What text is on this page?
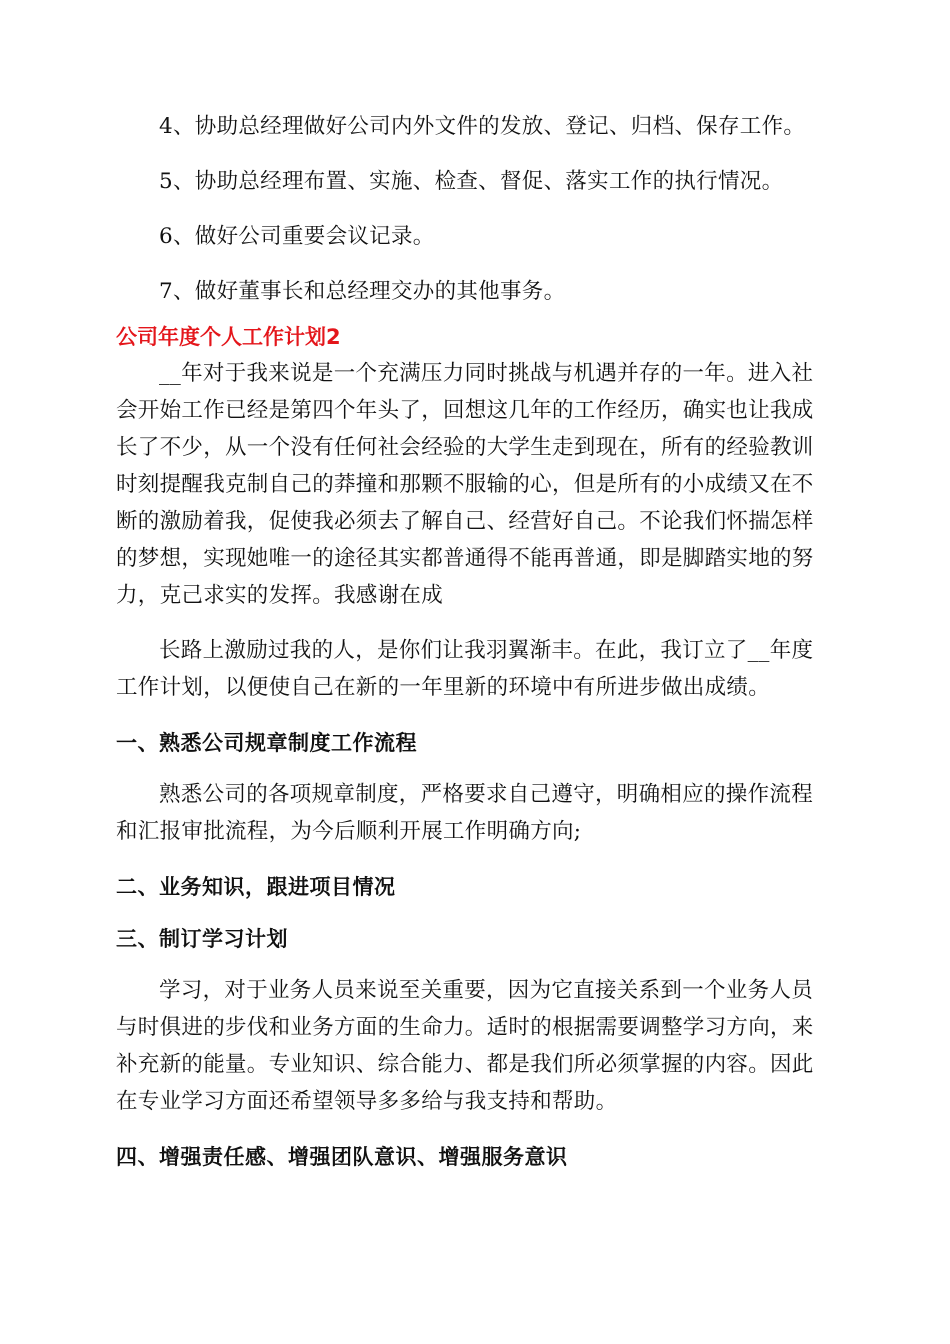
4、协助总经理做好公司内外文件的发放、登记、归档、保存工作。

5、协助总经理布置、实施、检查、督促、落实工作的执行情况。

6、做好公司重要会议记录。

7、做好董事长和总经理交办的其他事务。

公司年度个人工作计划2

__年对于我来说是一个充满压力同时挑战与机遇并存的一年。进入社会开始工作已经是第四个年头了，回想这几年的工作经历，确实也让我成长了不少，从一个没有任何社会经验的大学生走到现在，所有的经验教训时刻提醒我克制自己的莽撞和那颗不服输的心，但是所有的小成绩又在不断的激励着我，促使我必须去了解自己、经营好自己。不论我们怀揣怎样的梦想，实现她唯一的途径其实都普通得不能再普通，即是脚踏实地的努力，克己求实的发挥。我感谢在成

长路上激励过我的人，是你们让我羽翼渐丰。在此，我订立了__年度工作计划，以便使自己在新的一年里新的环境中有所进步做出成绩。

一、熟悉公司规章制度工作流程

熟悉公司的各项规章制度，严格要求自己遵守，明确相应的操作流程和汇报审批流程，为今后顺利开展工作明确方向;

二、业务知识，跟进项目情况
三、制订学习计划

学习，对于业务人员来说至关重要，因为它直接关系到一个业务人员与时俱进的步伐和业务方面的生命力。适时的根据需要调整学习方向，来补充新的能量。专业知识、综合能力、都是我们所必须掌握的内容。因此在专业学习方面还希望领导多多给与我支持和帮助。

四、增强责任感、增强团队意识、增强服务意识
